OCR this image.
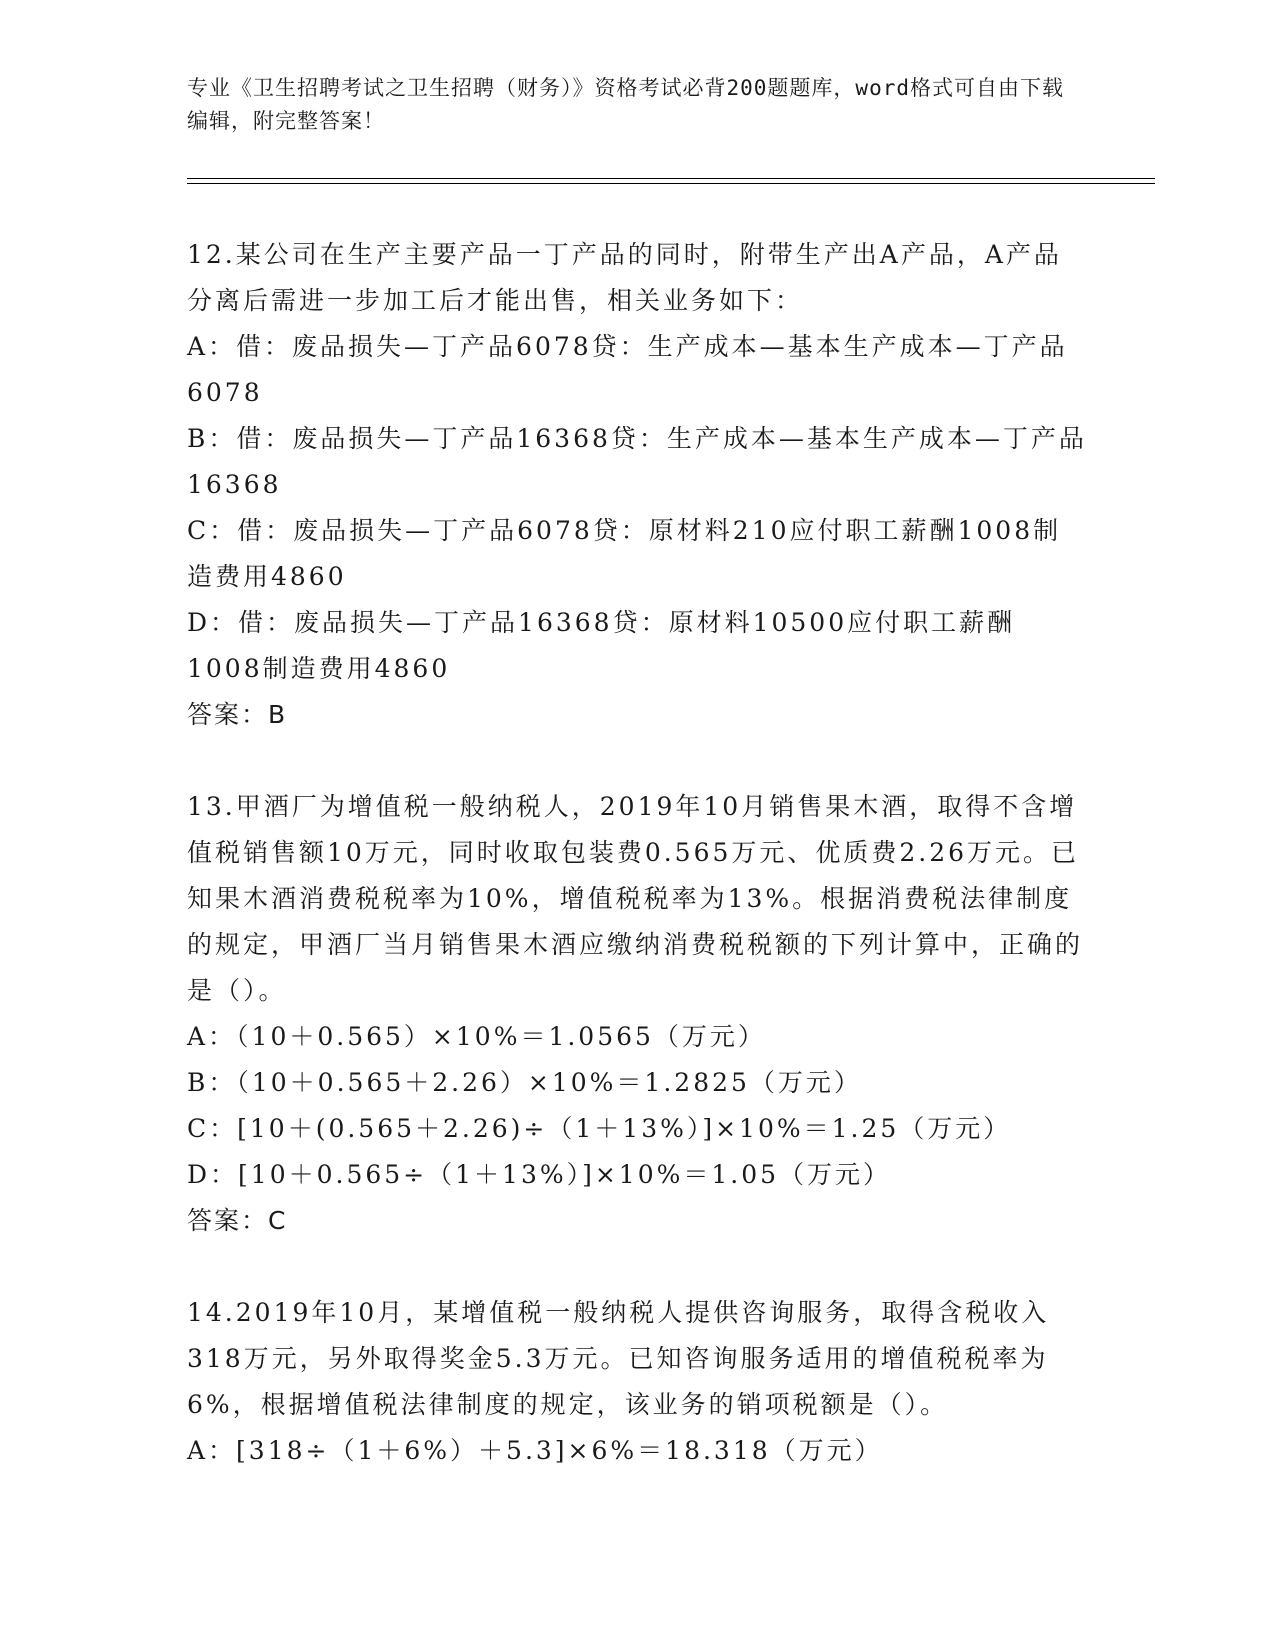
专业《卫生招聘考试之卫生招聘（财务）》资格考试必背200题题库，word格式可自由下载编辑，附完整答案！

12.某公司在生产主要产品一丁产品的同时，附带生产出A产品，A产品分离后需进一步加工后才能出售，相关业务如下：

A：借：废品损失—丁产品6078贷：生产成本—基本生产成本—丁产品6078

B：借：废品损失—丁产品16368贷：生产成本—基本生产成本—丁产品16368

C：借：废品损失—丁产品6078贷：原材料210应付职工薪酬1008制造费用4860

D：借：废品损失—丁产品16368贷：原材料10500应付职工薪酬1008制造费用4860

答案：B

13.甲酒厂为增值税一般纳税人，2019年10月销售果木酒，取得不含增值税销售额10万元，同时收取包装费0.565万元、优质费2.26万元。已知果木酒消费税税率为10%，增值税税率为13%。根据消费税法律制度的规定，甲酒厂当月销售果木酒应缴纳消费税税额的下列计算中，正确的是（）。

A：（10＋0.565）×10%＝1.0565（万元）

B：（10＋0.565＋2.26）×10%＝1.2825（万元）

C：[10＋(0.565＋2.26)÷（1＋13%）]×10%＝1.25（万元）

D：[10＋0.565÷（1＋13%）]×10%＝1.05（万元）

答案：C

14.2019年10月，某增值税一般纳税人提供咨询服务，取得含税收入318万元，另外取得奖金5.3万元。已知咨询服务适用的增值税税率为6%，根据增值税法律制度的规定，该业务的销项税额是（）。

A：[318÷（1＋6%）＋5.3]×6%＝18.318（万元）
